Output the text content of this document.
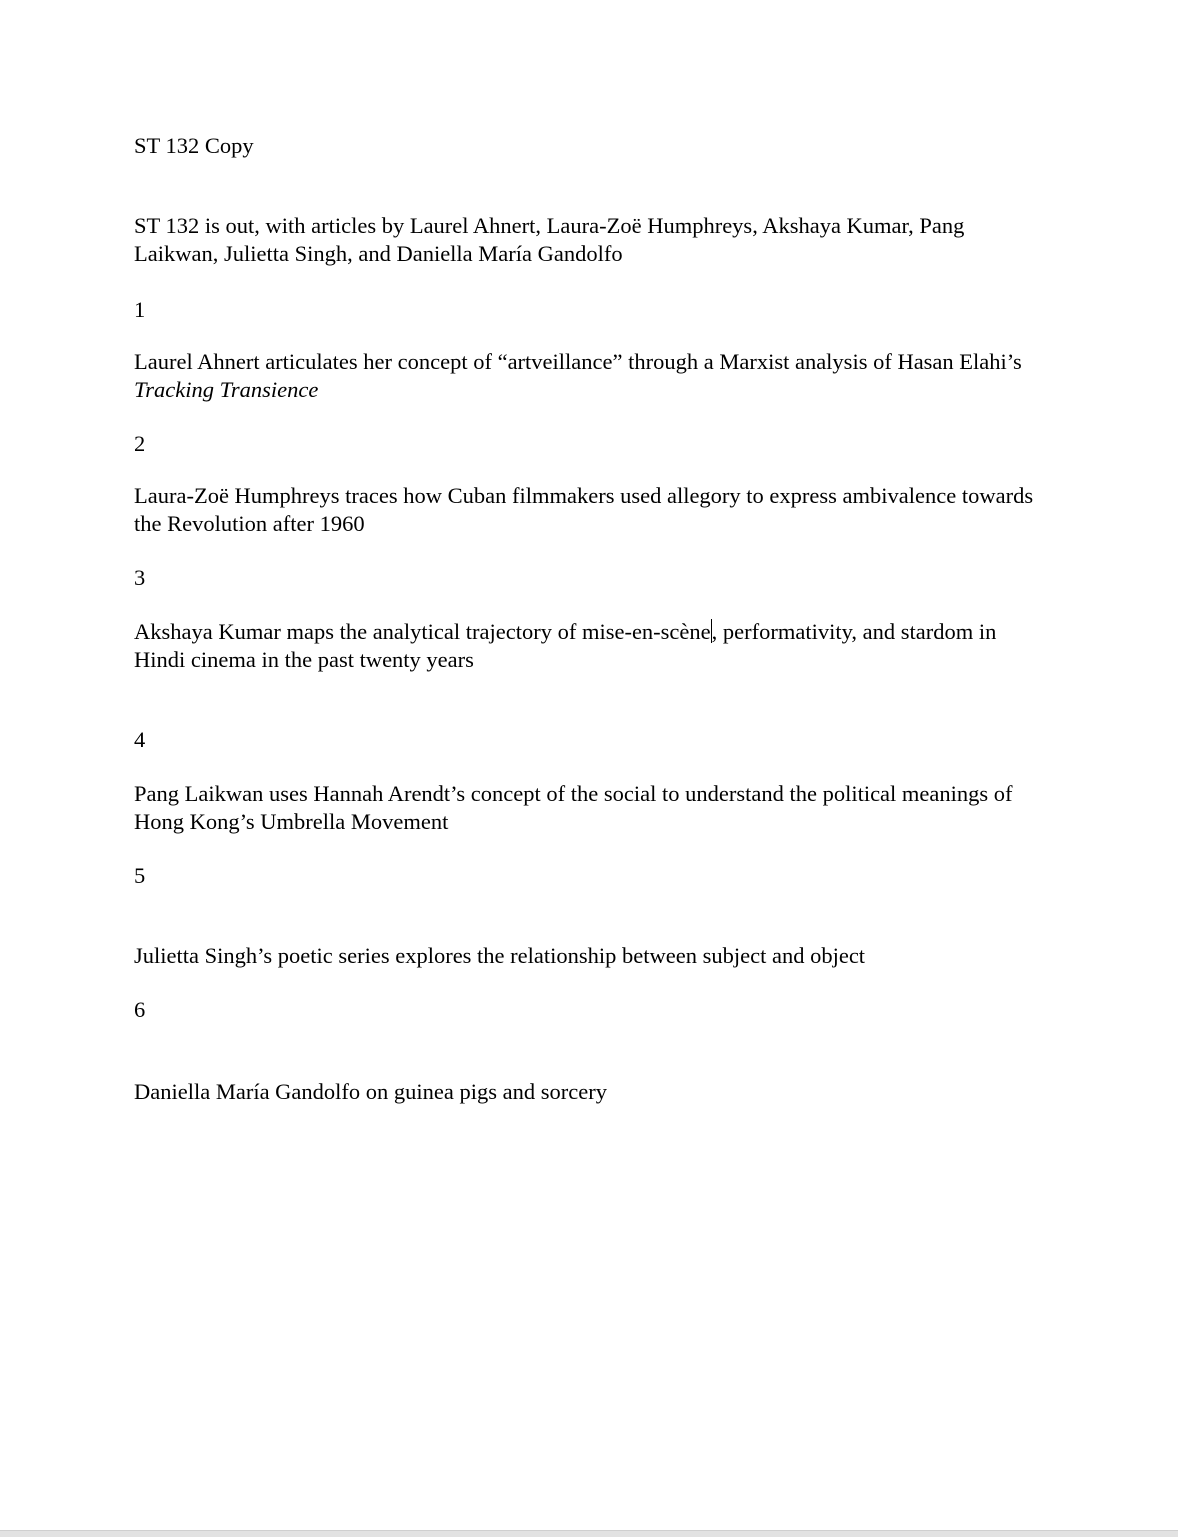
ST 132 Copy

ST 132 is out, with articles by Laurel Ahnert, Laura-Zoë Humphreys, Akshaya Kumar, Pang Laikwan, Julietta Singh, and Daniella María Gandolfo

1

Laurel Ahnert articulates her concept of “artveillance” through a Marxist analysis of Hasan Elahi’s Tracking Transience

2

Laura-Zoë Humphreys traces how Cuban filmmakers used allegory to express ambivalence towards the Revolution after 1960

3

Akshaya Kumar maps the analytical trajectory of mise-en-scène, performativity, and stardom in Hindi cinema in the past twenty years

4

Pang Laikwan uses Hannah Arendt’s concept of the social to understand the political meanings of Hong Kong’s Umbrella Movement

5

Julietta Singh’s poetic series explores the relationship between subject and object

6

Daniella María Gandolfo on guinea pigs and sorcery
